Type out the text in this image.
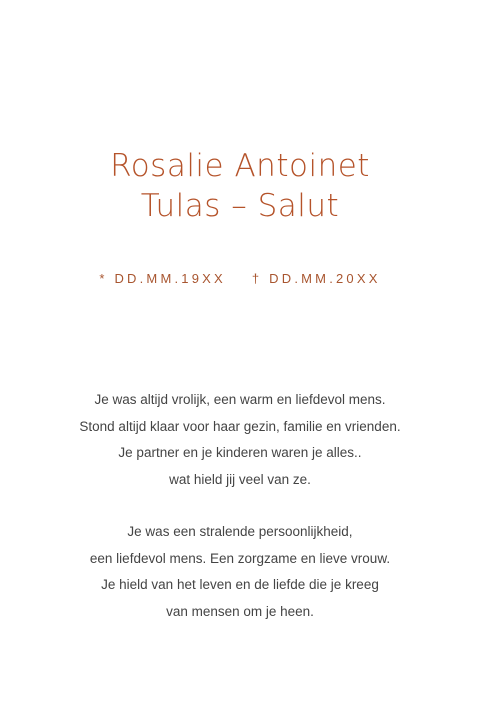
Rosalie Antoinet
Tulas – Salut
* DD.MM.19XX † DD.MM.20XX
Je was altijd vrolijk, een warm en liefdevol mens.
Stond altijd klaar voor haar gezin, familie en vrienden.
Je partner en je kinderen waren je alles..
wat hield jij veel van ze.
Je was een stralende persoonlijkheid,
een liefdevol mens. Een zorgzame en lieve vrouw.
Je hield van het leven en de liefde die je kreeg
van mensen om je heen.
